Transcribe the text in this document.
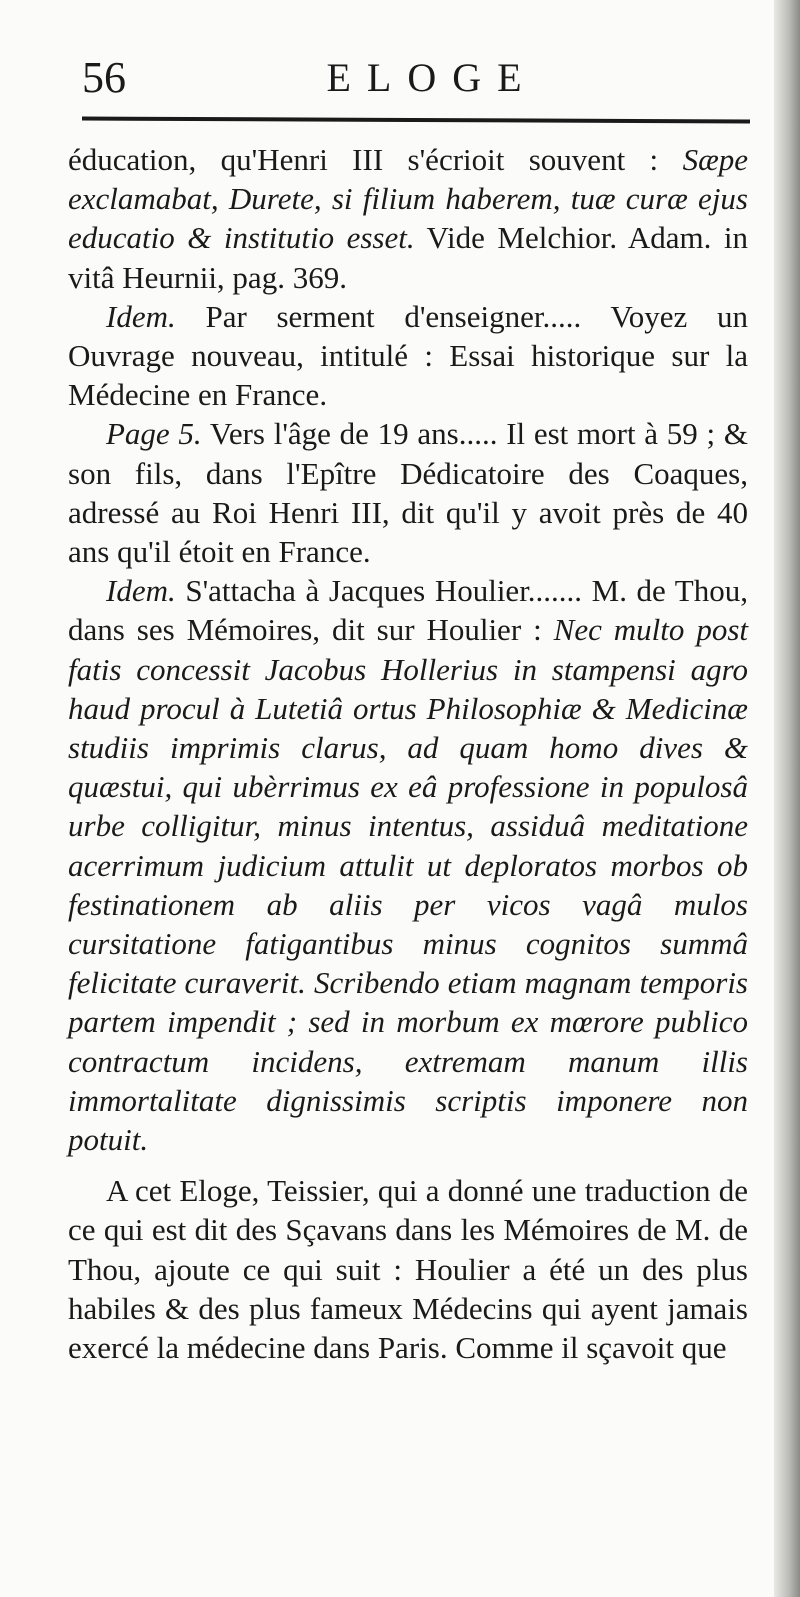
56	ELOGE

éducation, qu'Henri III s'écrioit souvent : Sæpe exclamabat, Durete, si filium haberem, tuæ curæ ejus educatio & institutio esset. Vide Melchior. Adam. in vitâ Heurnii, pag. 369.

Idem. Par serment d'enseigner..... Voyez un Ouvrage nouveau, intitulé : Essai historique sur la Médecine en France.

Page 5. Vers l'âge de 19 ans..... Il est mort à 59 ; & son fils, dans l'Epître Dédicatoire des Coaques, adressé au Roi Henri III, dit qu'il y avoit près de 40 ans qu'il étoit en France.

Idem. S'attacha à Jacques Houlier....... M. de Thou, dans ses Mémoires, dit sur Houlier : Nec multo post fatis concessit Jacobus Hollerius in stampensi agro haud procul à Lutetiâ ortus Philosophiæ & Medicinæ studiis imprimis clarus, ad quam homo dives & quæstui, qui ubèrrimus ex eâ professione in populosâ urbe colligitur, minus intentus, assiduâ meditatione acerrimum judicium attulit ut deploratos morbos ob festinationem ab aliis per vicos vagâ mulos cursitatione fatigantibus minus cognitos summâ felicitate curaverit. Scribendo etiam magnam temporis partem impendit ; sed in morbum ex mœrore publico contractum incidens, extremam manum illis immortalitate dignissimis scriptis imponere non potuit.

A cet Eloge, Teissier, qui a donné une traduction de ce qui est dit des Sçavans dans les Mémoires de M. de Thou, ajoute ce qui suit : Houlier a été un des plus habiles & des plus fameux Médecins qui ayent jamais exercé la médecine dans Paris. Comme il sçavoit que
